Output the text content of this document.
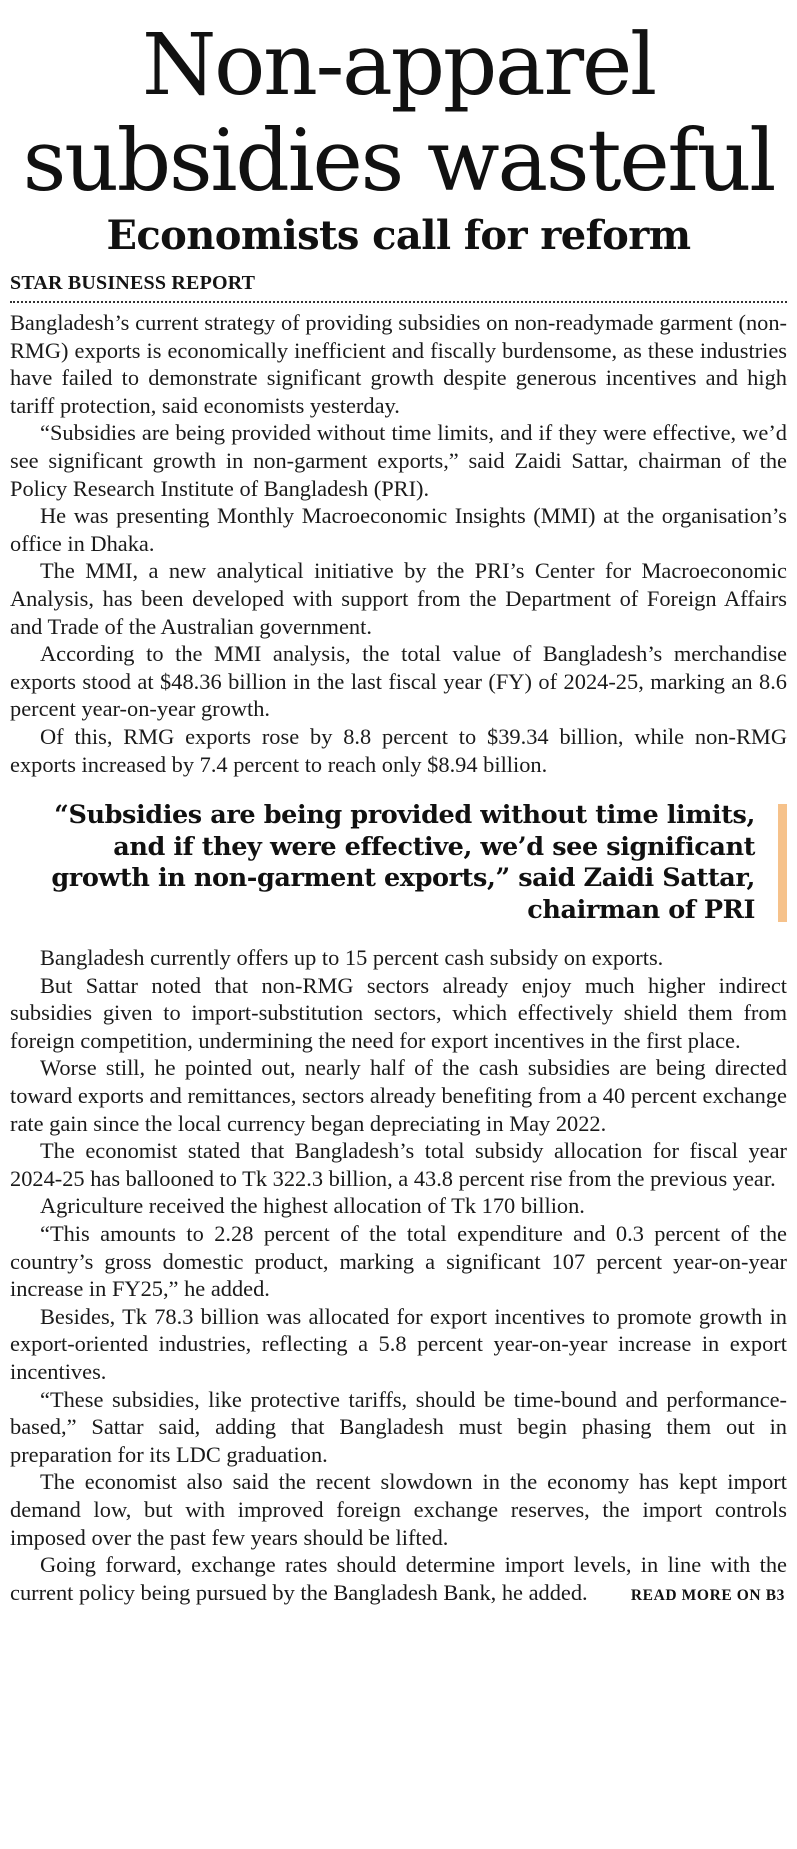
Non-apparel
subsidies wasteful
Economists call for reform
STAR BUSINESS REPORT

Bangladesh’s current strategy of providing subsidies on non-readymade garment (non-RMG) exports is economically inefficient and fiscally burdensome, as these industries have failed to demonstrate significant growth despite generous incentives and high tariff protection, said economists yesterday.

“Subsidies are being provided without time limits, and if they were effective, we’d see significant growth in non-garment exports,” said Zaidi Sattar, chairman of the Policy Research Institute of Bangladesh (PRI).

He was presenting Monthly Macroeconomic Insights (MMI) at the organisation’s office in Dhaka.

The MMI, a new analytical initiative by the PRI’s Center for Macroeconomic Analysis, has been developed with support from the Department of Foreign Affairs and Trade of the Australian government.

According to the MMI analysis, the total value of Bangladesh’s merchandise exports stood at $48.36 billion in the last fiscal year (FY) of 2024-25, marking an 8.6 percent year-on-year growth.

Of this, RMG exports rose by 8.8 percent to $39.34 billion, while non-RMG exports increased by 7.4 percent to reach only $8.94 billion.

“Subsidies are being provided without time limits, and if they were effective, we’d see significant growth in non-garment exports,” said Zaidi Sattar, chairman of PRI

Bangladesh currently offers up to 15 percent cash subsidy on exports.

But Sattar noted that non-RMG sectors already enjoy much higher indirect subsidies given to import-substitution sectors, which effectively shield them from foreign competition, undermining the need for export incentives in the first place.

Worse still, he pointed out, nearly half of the cash subsidies are being directed toward exports and remittances, sectors already benefiting from a 40 percent exchange rate gain since the local currency began depreciating in May 2022.

The economist stated that Bangladesh’s total subsidy allocation for fiscal year 2024-25 has ballooned to Tk 322.3 billion, a 43.8 percent rise from the previous year.

Agriculture received the highest allocation of Tk 170 billion.

“This amounts to 2.28 percent of the total expenditure and 0.3 percent of the country’s gross domestic product, marking a significant 107 percent year-on-year increase in FY25,” he added.

Besides, Tk 78.3 billion was allocated for export incentives to promote growth in export-oriented industries, reflecting a 5.8 percent year-on-year increase in export incentives.

“These subsidies, like protective tariffs, should be time-bound and performance-based,” Sattar said, adding that Bangladesh must begin phasing them out in preparation for its LDC graduation.

The economist also said the recent slowdown in the economy has kept import demand low, but with improved foreign exchange reserves, the import controls imposed over the past few years should be lifted.

Going forward, exchange rates should determine import levels, in line with the current policy being pursued by the Bangladesh Bank, he added.	READ MORE ON B3
